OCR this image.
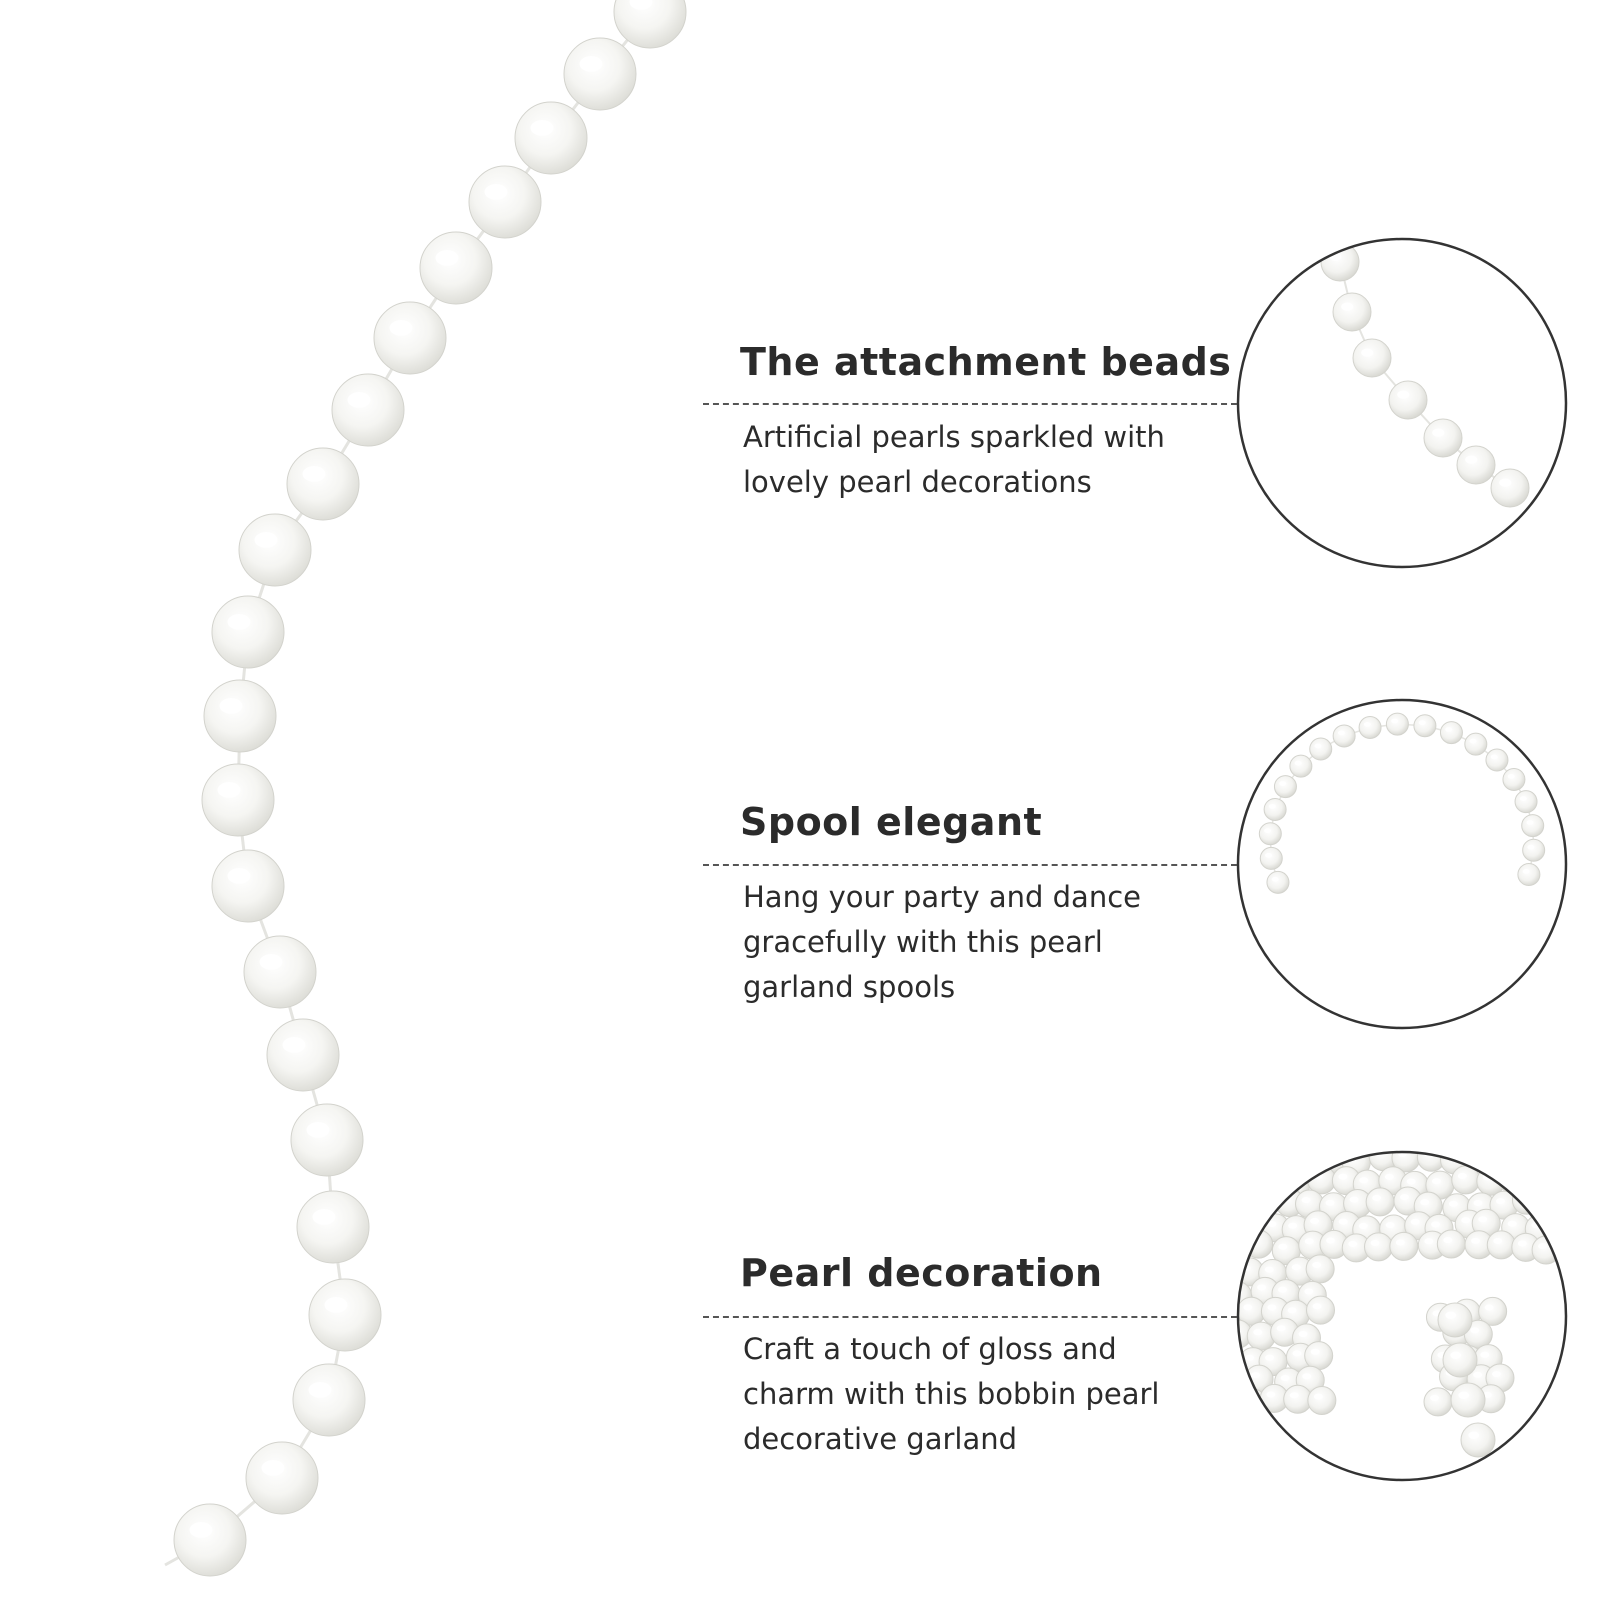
The attachment beads
Artificial pearls sparkled with
lovely pearl decorations
Spool elegant
Hang your party and dance
gracefully with this pearl
garland spools
Pearl decoration
Craft a touch of gloss and
charm with this bobbin pearl
decorative garland
